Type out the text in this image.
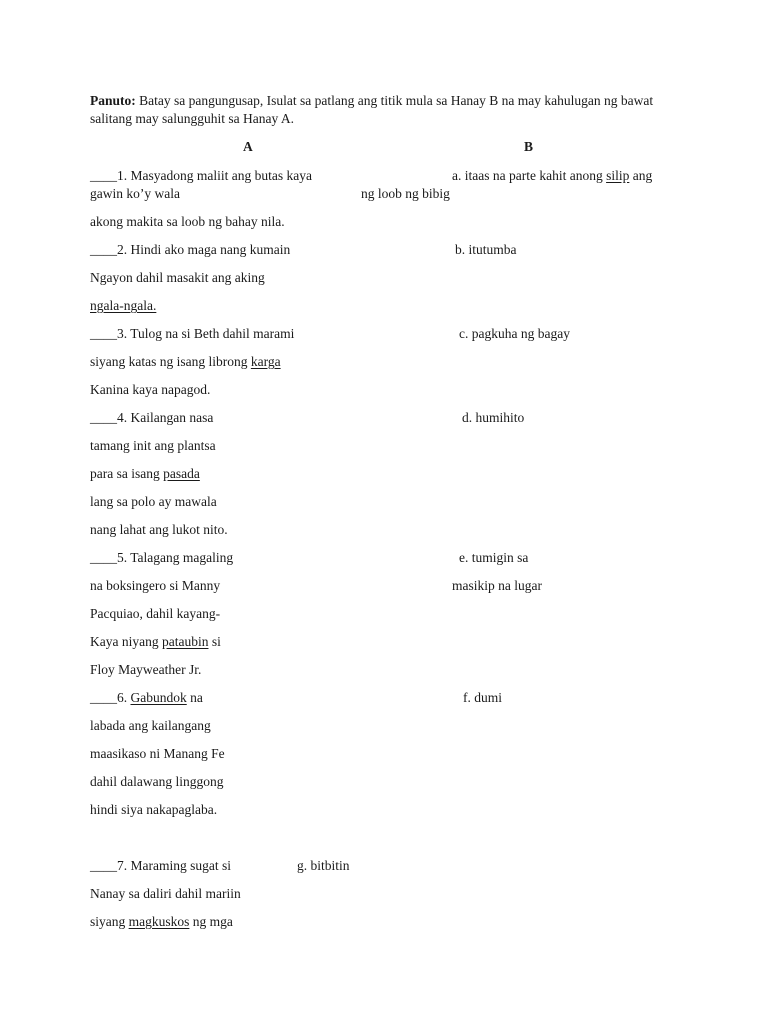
Panuto: Batay sa pangungusap, Isulat sa patlang ang titik mula sa Hanay B na may kahulugan ng bawat
salitang may salungguhit sa Hanay A.
A	B
____1. Masyadong maliit ang butas kaya
gawin ko’y wala
akong makita sa loob ng bahay nila.
a. itaas na parte kahit anong silip ang
ng loob ng bibig
____2. Hindi ako maga nang kumain
Ngayon dahil masakit ang aking
ngala-ngala.
b. itutumba
____3. Tulog na si Beth dahil marami
siyang katas ng isang librong karga
Kanina kaya napagod.
c. pagkuha ng bagay
____4. Kailangan nasa
tamang init ang plantsa
para sa isang pasada
lang sa polo ay mawala
nang lahat ang lukot nito.
d. humihito
____5. Talagang magaling
na boksingero si Manny
Pacquiao, dahil kayang-
Kaya niyang pataubin si
Floy Mayweather Jr.
e. tumigin sa
masikip na lugar
____6. Gabundok na
labada ang kailangang
maasikaso ni Manang Fe
dahil dalawang linggong
hindi siya nakapaglaba.
f. dumi
____7. Maraming sugat si
Nanay sa daliri dahil mariin
siyang magkuskos ng mga
g. bitbitin
